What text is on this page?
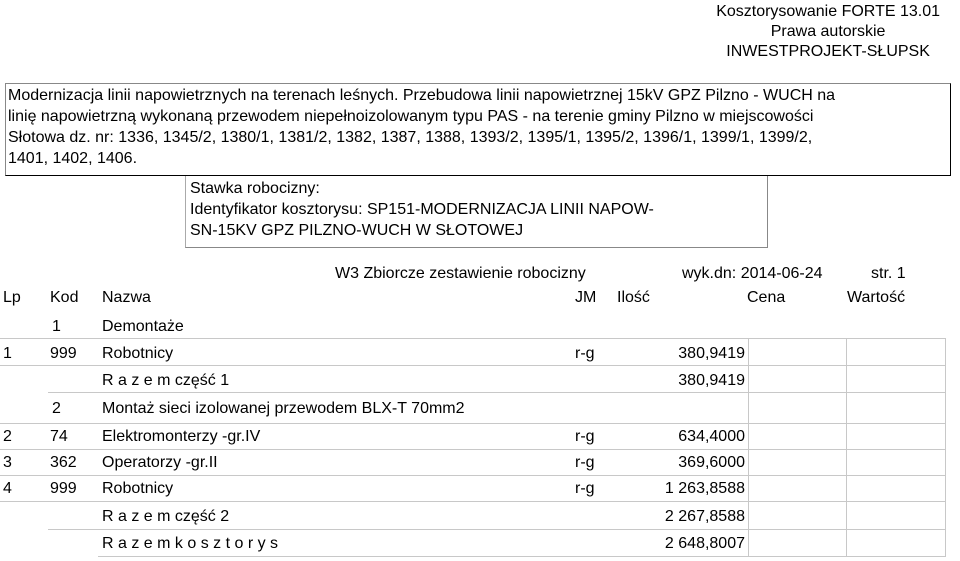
Kosztorysowanie FORTE 13.01
Prawa autorskie
INWESTPROJEKT-SŁUPSK
Modernizacja linii napowietrznych na terenach leśnych. Przebudowa linii napowietrznej 15kV GPZ Pilzno - WUCH na
linię napowietrzną wykonaną przewodem niepełnoizolowanym typu PAS - na terenie gminy Pilzno w miejscowości
Słotowa dz. nr: 1336, 1345/2, 1380/1, 1381/2, 1382, 1387, 1388, 1393/2, 1395/1, 1395/2, 1396/1, 1399/1, 1399/2,
1401, 1402, 1406.
Stawka robocizny:
Identyfikator kosztorysu: SP151-MODERNIZACJA LINII NAPOW-
SN-15KV GPZ PILZNO-WUCH W SŁOTOWEJ
W3 Zbiorcze zestawienie robocizny	wyk.dn: 2014-06-24	str. 1
Lp Kod Nazwa	JM Ilość	Cena	Wartość
1	Demontaże
1 999 Robotnicy	r-g	380,9419
R a z e m część 1	380,9419
2	Montaż sieci izolowanej przewodem BLX-T 70mm2
2 74 Elektromonterzy -gr.IV	r-g	634,4000
3 362 Operatorzy -gr.II	r-g	369,6000
4 999 Robotnicy	r-g	1 263,8588
R a z e m część 2	2 267,8588
R a z e m k o s z t o r y s	2 648,8007
